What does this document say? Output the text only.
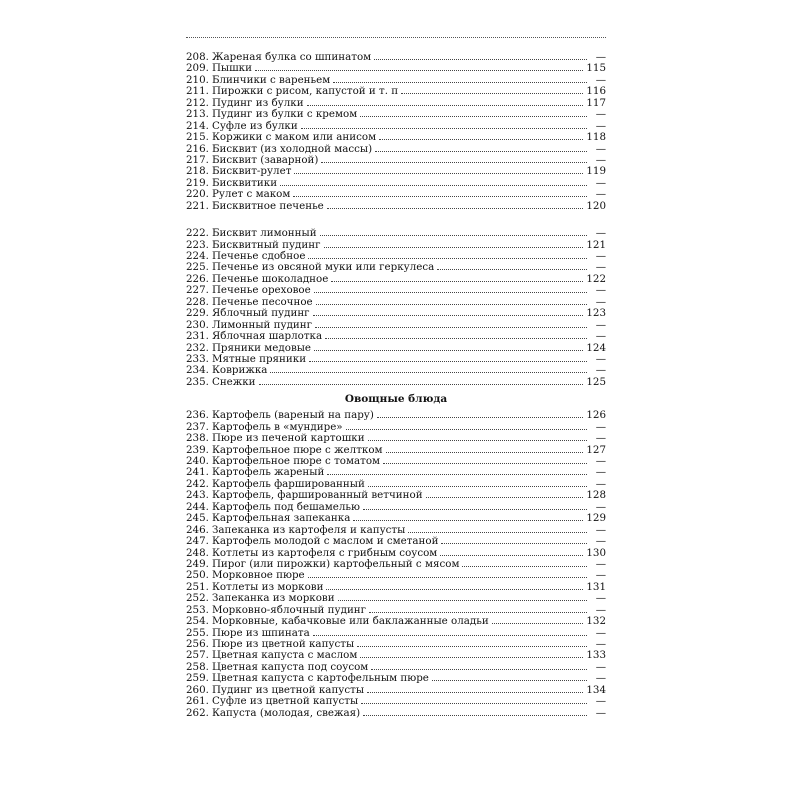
208. Жареная булка со шпинатом	—
209. Пышки	115
210. Блинчики с вареньем	—
211. Пирожки с рисом, капустой и т. п	116
212. Пудинг из булки	117
213. Пудинг из булки с кремом	—
214. Суфле из булки	—
215. Коржики с маком или анисом	118
216. Бисквит (из холодной массы)	—
217. Бисквит (заварной)	—
218. Бисквит-рулет	119
219. Бисквитики	—
220. Рулет с маком	—
221. Бисквитное печенье	120
222. Бисквит лимонный	—
223. Бисквитный пудинг	121
224. Печенье сдобное	—
225. Печенье из овсяной муки или геркулеса	—
226. Печенье шоколадное	122
227. Печенье ореховое	—
228. Печенье песочное	—
229. Яблочный пудинг	123
230. Лимонный пудинг	—
231. Яблочная шарлотка	—
232. Пряники медовые	124
233. Мятные пряники	—
234. Коврижка	—
235. Снежки	125
Овощные блюда
236. Картофель (вареный на пару)	126
237. Картофель в «мундире»	—
238. Пюре из печеной картошки	—
239. Картофельное пюре с желтком	127
240. Картофельное пюре с томатом	—
241. Картофель жареный	—
242. Картофель фаршированный	—
243. Картофель, фаршированный ветчиной	128
244. Картофель под бешамелью	—
245. Картофельная запеканка	129
246. Запеканка из картофеля и капусты	—
247. Картофель молодой с маслом и сметаной	—
248. Котлеты из картофеля с грибным соусом	130
249. Пирог (или пирожки) картофельный с мясом	—
250. Морковное пюре	—
251. Котлеты из моркови	131
252. Запеканка из моркови	—
253. Морковно-яблочный пудинг	—
254. Морковные, кабачковые или баклажанные оладьи	132
255. Пюре из шпината	—
256. Пюре из цветной капусты	—
257. Цветная капуста с маслом	133
258. Цветная капуста под соусом	—
259. Цветная капуста с картофельным пюре	—
260. Пудинг из цветной капусты	134
261. Суфле из цветной капусты	—
262. Капуста (молодая, свежая)	—
